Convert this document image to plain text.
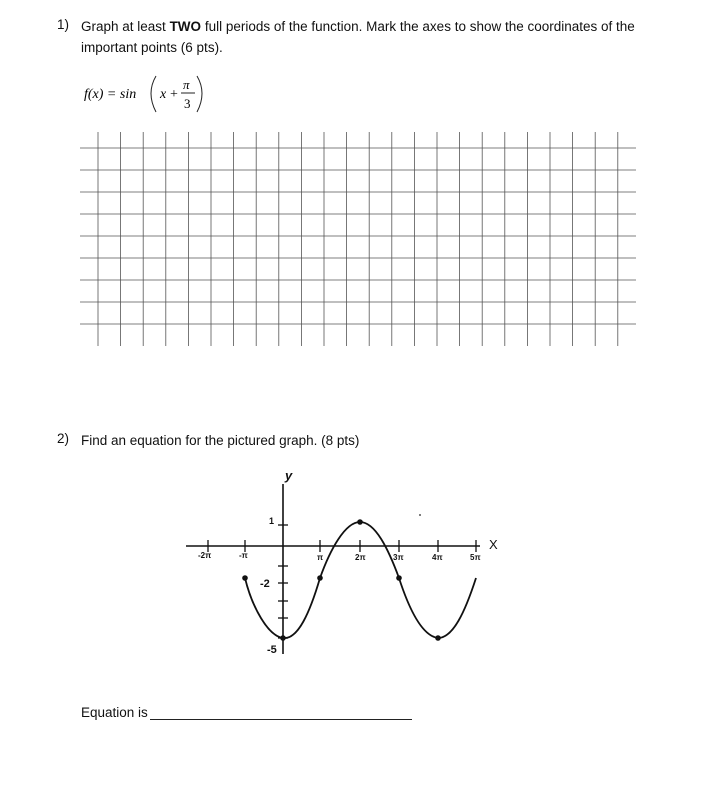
1) Graph at least TWO full periods of the function. Mark the axes to show the coordinates of the
important points (6 pts).
f(x) = sin x +
π
3
2) Find an equation for the pictured graph. (8 pts)
y
X
1
-2
-5
-2π	-π	π	2π	3π	4π	5π
Equation is
